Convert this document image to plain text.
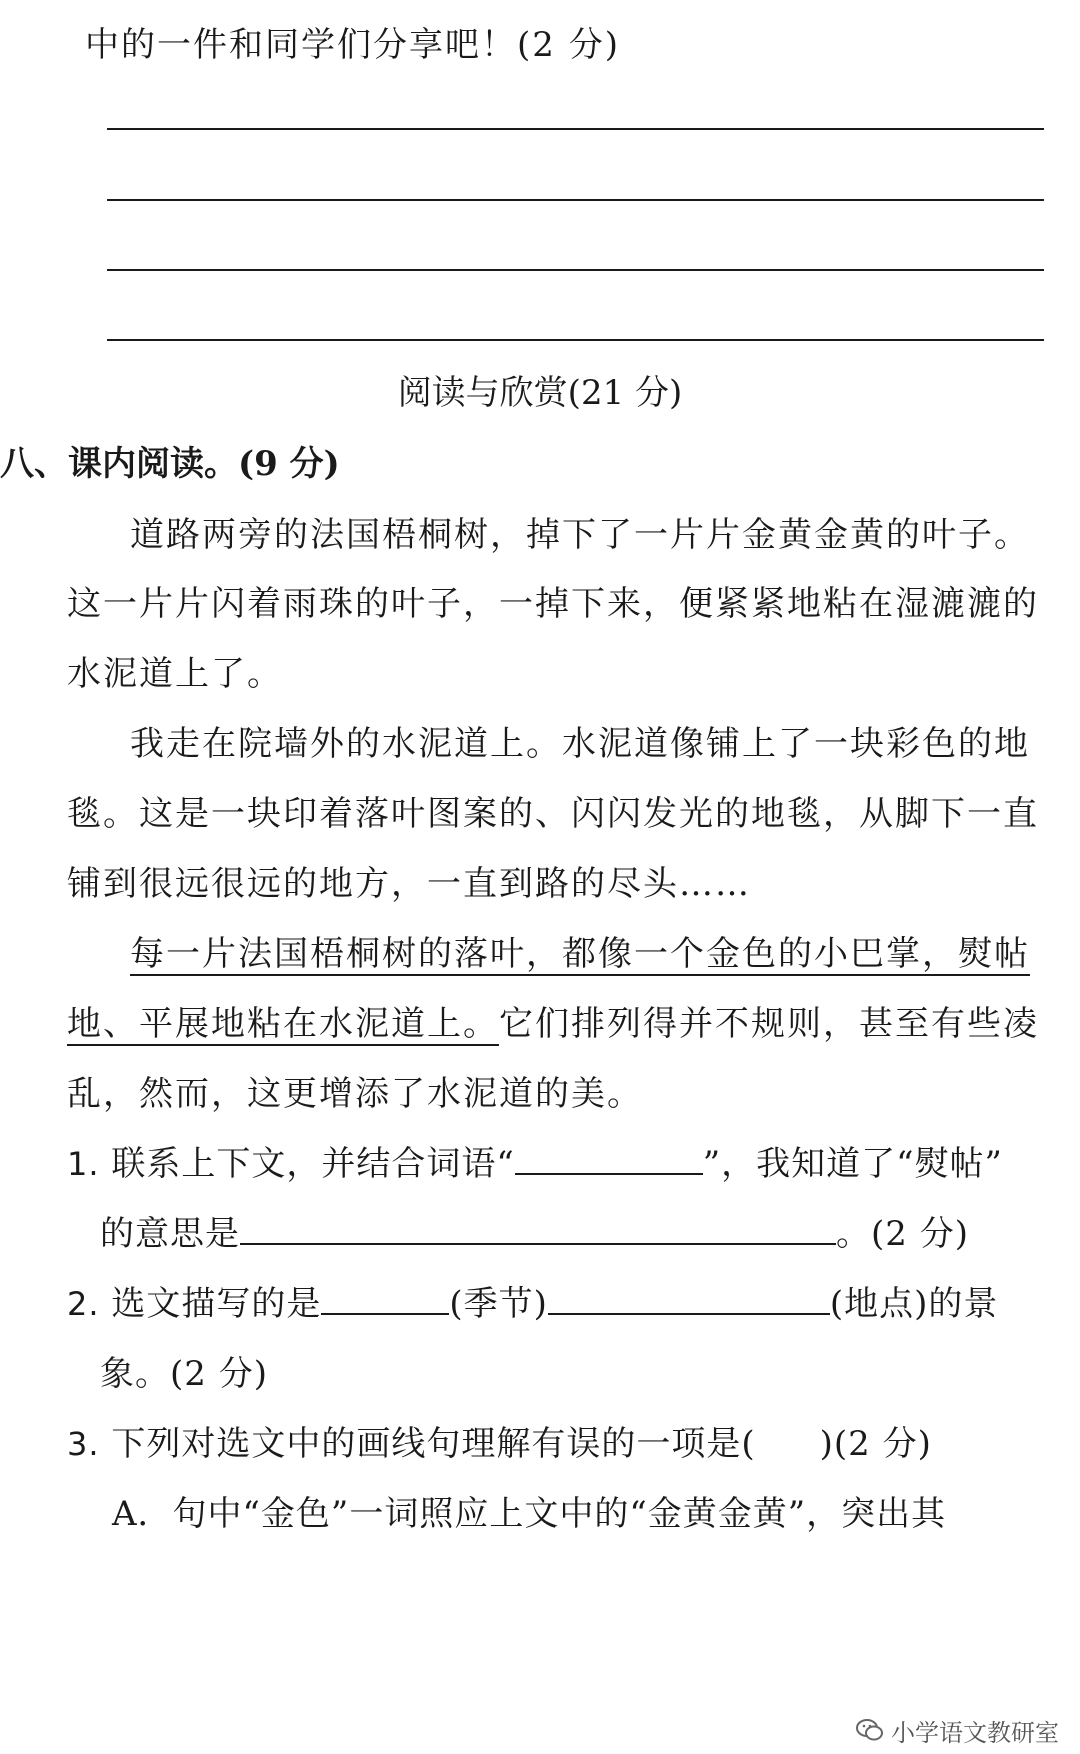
中的一件和同学们分享吧！(2 分)
阅读与欣赏(21 分)
八、课内阅读。(9 分)
道路两旁的法国梧桐树，掉下了一片片金黄金黄的叶子。
这一片片闪着雨珠的叶子，一掉下来，便紧紧地粘在湿漉漉的
水泥道上了。
我走在院墙外的水泥道上。水泥道像铺上了一块彩色的地
毯。这是一块印着落叶图案的、闪闪发光的地毯，从脚下一直
铺到很远很远的地方，一直到路的尽头……
每一片法国梧桐树的落叶，都像一个金色的小巴掌，熨帖
地、平展地粘在水泥道上。它们排列得并不规则，甚至有些凌
乱，然而，这更增添了水泥道的美。
1. 联系上下文，并结合词语“	”，我知道了“熨帖”
的意思是	。(2 分)
2. 选文描写的是	(季节)	(地点)的景
象。(2 分)
3. 下列对选文中的画线句理解有误的一项是( )(2 分)
A．句中“金色”一词照应上文中的“金黄金黄”，突出其
小学语文教研室
